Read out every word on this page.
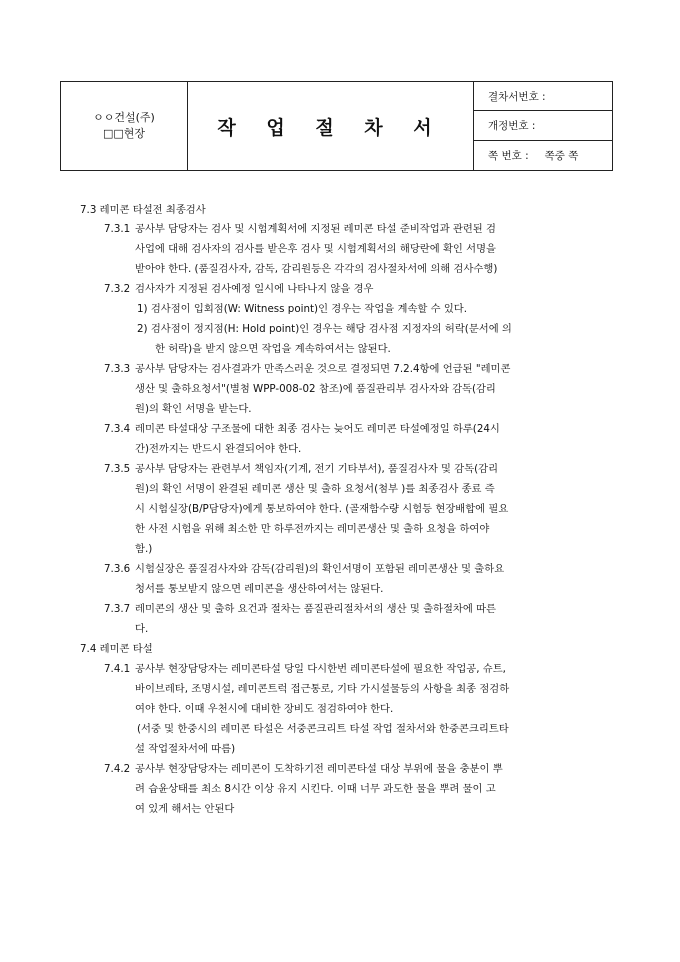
ㅇㅇ건설(주)
□□현장	작 업 절 차 서
결차서번호 :
개정번호 :
쪽 번호 : 쪽중 쪽
7.3 레미콘 타설전 최종검사
7.3.1 공사부 담당자는 검사 및 시험계획서에 지정된 레미콘 타설 준비작업과 관련된 검
사업에 대해 검사자의 검사를 받은후 검사 및 시험계획서의 해당란에 확인 서명을
받아야 한다. (품질검사자, 감독, 감리원등은 각각의 검사절차서에 의해 검사수행)
7.3.2 검사자가 지정된 검사예정 일시에 나타나지 않을 경우
1) 검사점이 입회점(W: Witness point)인 경우는 작업을 계속할 수 있다.
2) 검사점이 정지점(H: Hold point)인 경우는 해당 검사점 지정자의 허락(문서에 의
한 허락)을 받지 않으면 작업을 계속하여서는 않된다.
7.3.3 공사부 담당자는 검사결과가 만족스러운 것으로 결정되면 7.2.4항에 언급된 "레미콘
생산 및 출하요청서"(별첨 WPP-008-02 참조)에 품질관리부 검사자와 감독(감리
원)의 확인 서명을 받는다.
7.3.4 레미콘 타설대상 구조물에 대한 최종 검사는 늦어도 레미콘 타설예정일 하루(24시
간)전까지는 반드시 완결되어야 한다.
7.3.5 공사부 담당자는 관련부서 책임자(기계, 전기 기타부서), 품질검사자 및 감독(감리
원)의 확인 서명이 완결된 레미콘 생산 및 출하 요청서(첨부 )를 최종검사 종료 즉
시 시험실장(B/P담당자)에게 통보하여야 한다. (골재함수량 시험등 현장배합에 필요
한 사전 시험을 위해 최소한 만 하루전까지는 레미콘생산 및 출하 요청을 하여야
함.)
7.3.6 시험실장은 품질검사자와 감독(감리원)의 확인서명이 포함된 레미콘생산 및 출하요
청서를 통보받지 않으면 레미콘을 생산하여서는 않된다.
7.3.7 레미콘의 생산 및 출하 요건과 절차는 품질관리절차서의 생산 및 출하절차에 따른
다.
7.4 레미콘 타설
7.4.1 공사부 현장담당자는 레미콘타설 당일 다시한번 레미콘타설에 필요한 작업공, 슈트,
바이브레타, 조명시설, 레미콘트럭 접근통로, 기타 가시설물등의 사항을 최종 점검하
여야 한다. 이때 우천시에 대비한 장비도 점검하여야 한다.
(서중 및 한중시의 레미콘 타설은 서중콘크리트 타설 작업 절차서와 한중콘크리트타
설 작업절차서에 따름)
7.4.2 공사부 현장담당자는 레미콘이 도착하기전 레미콘타설 대상 부위에 물을 충분이 뿌
려 습윤상태를 최소 8시간 이상 유지 시킨다. 이때 너무 과도한 물을 뿌려 물이 고
여 있게 해서는 안된다
